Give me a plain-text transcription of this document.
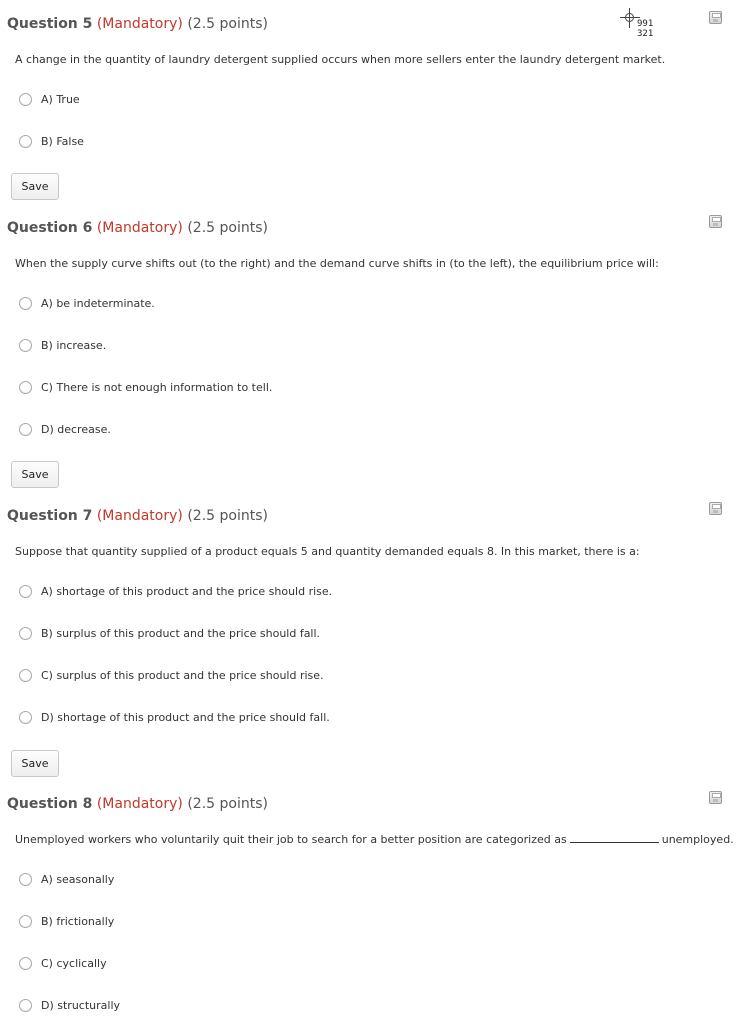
991
321
Question 5 (Mandatory) (2.5 points)
A change in the quantity of laundry detergent supplied occurs when more sellers enter the laundry detergent market.
A) True
B) False
Save
Question 6 (Mandatory) (2.5 points)
When the supply curve shifts out (to the right) and the demand curve shifts in (to the left), the equilibrium price will:
A) be indeterminate.
B) increase.
C) There is not enough information to tell.
D) decrease.
Save
Question 7 (Mandatory) (2.5 points)
Suppose that quantity supplied of a product equals 5 and quantity demanded equals 8. In this market, there is a:
A) shortage of this product and the price should rise.
B) surplus of this product and the price should fall.
C) surplus of this product and the price should rise.
D) shortage of this product and the price should fall.
Save
Question 8 (Mandatory) (2.5 points)
Unemployed workers who voluntarily quit their job to search for a better position are categorized as	unemployed.
A) seasonally
B) frictionally
C) cyclically
D) structurally
